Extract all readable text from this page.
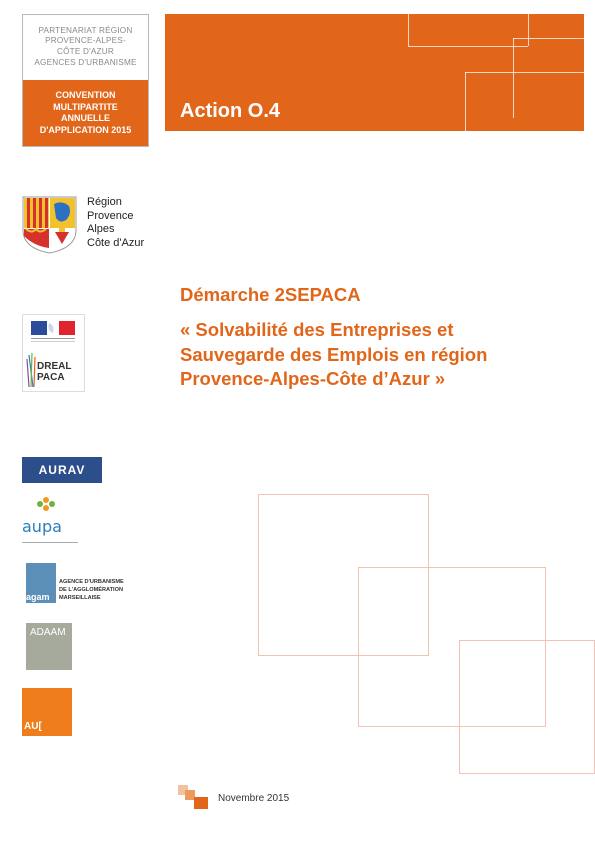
PARTENARIAT RÉGION
PROVENCE-ALPES-
CÔTE D'AZUR
AGENCES D'URBANISME
CONVENTION
MULTIPARTITE
ANNUELLE
D'APPLICATION 2015
Action O.4
Région
Provence
Alpes
Côte d'Azur
Démarche 2SEPACA
« Solvabilité des Entreprises et
Sauvegarde des Emplois en région
Provence-Alpes-Côte d’Azur »
DREAL
PACA
AURAV
aupa
agam
AGENCE D'URBANISME
DE L'AGGLOMÉRATION
MARSEILLAISE
ADAAM
AU[
Novembre 2015
